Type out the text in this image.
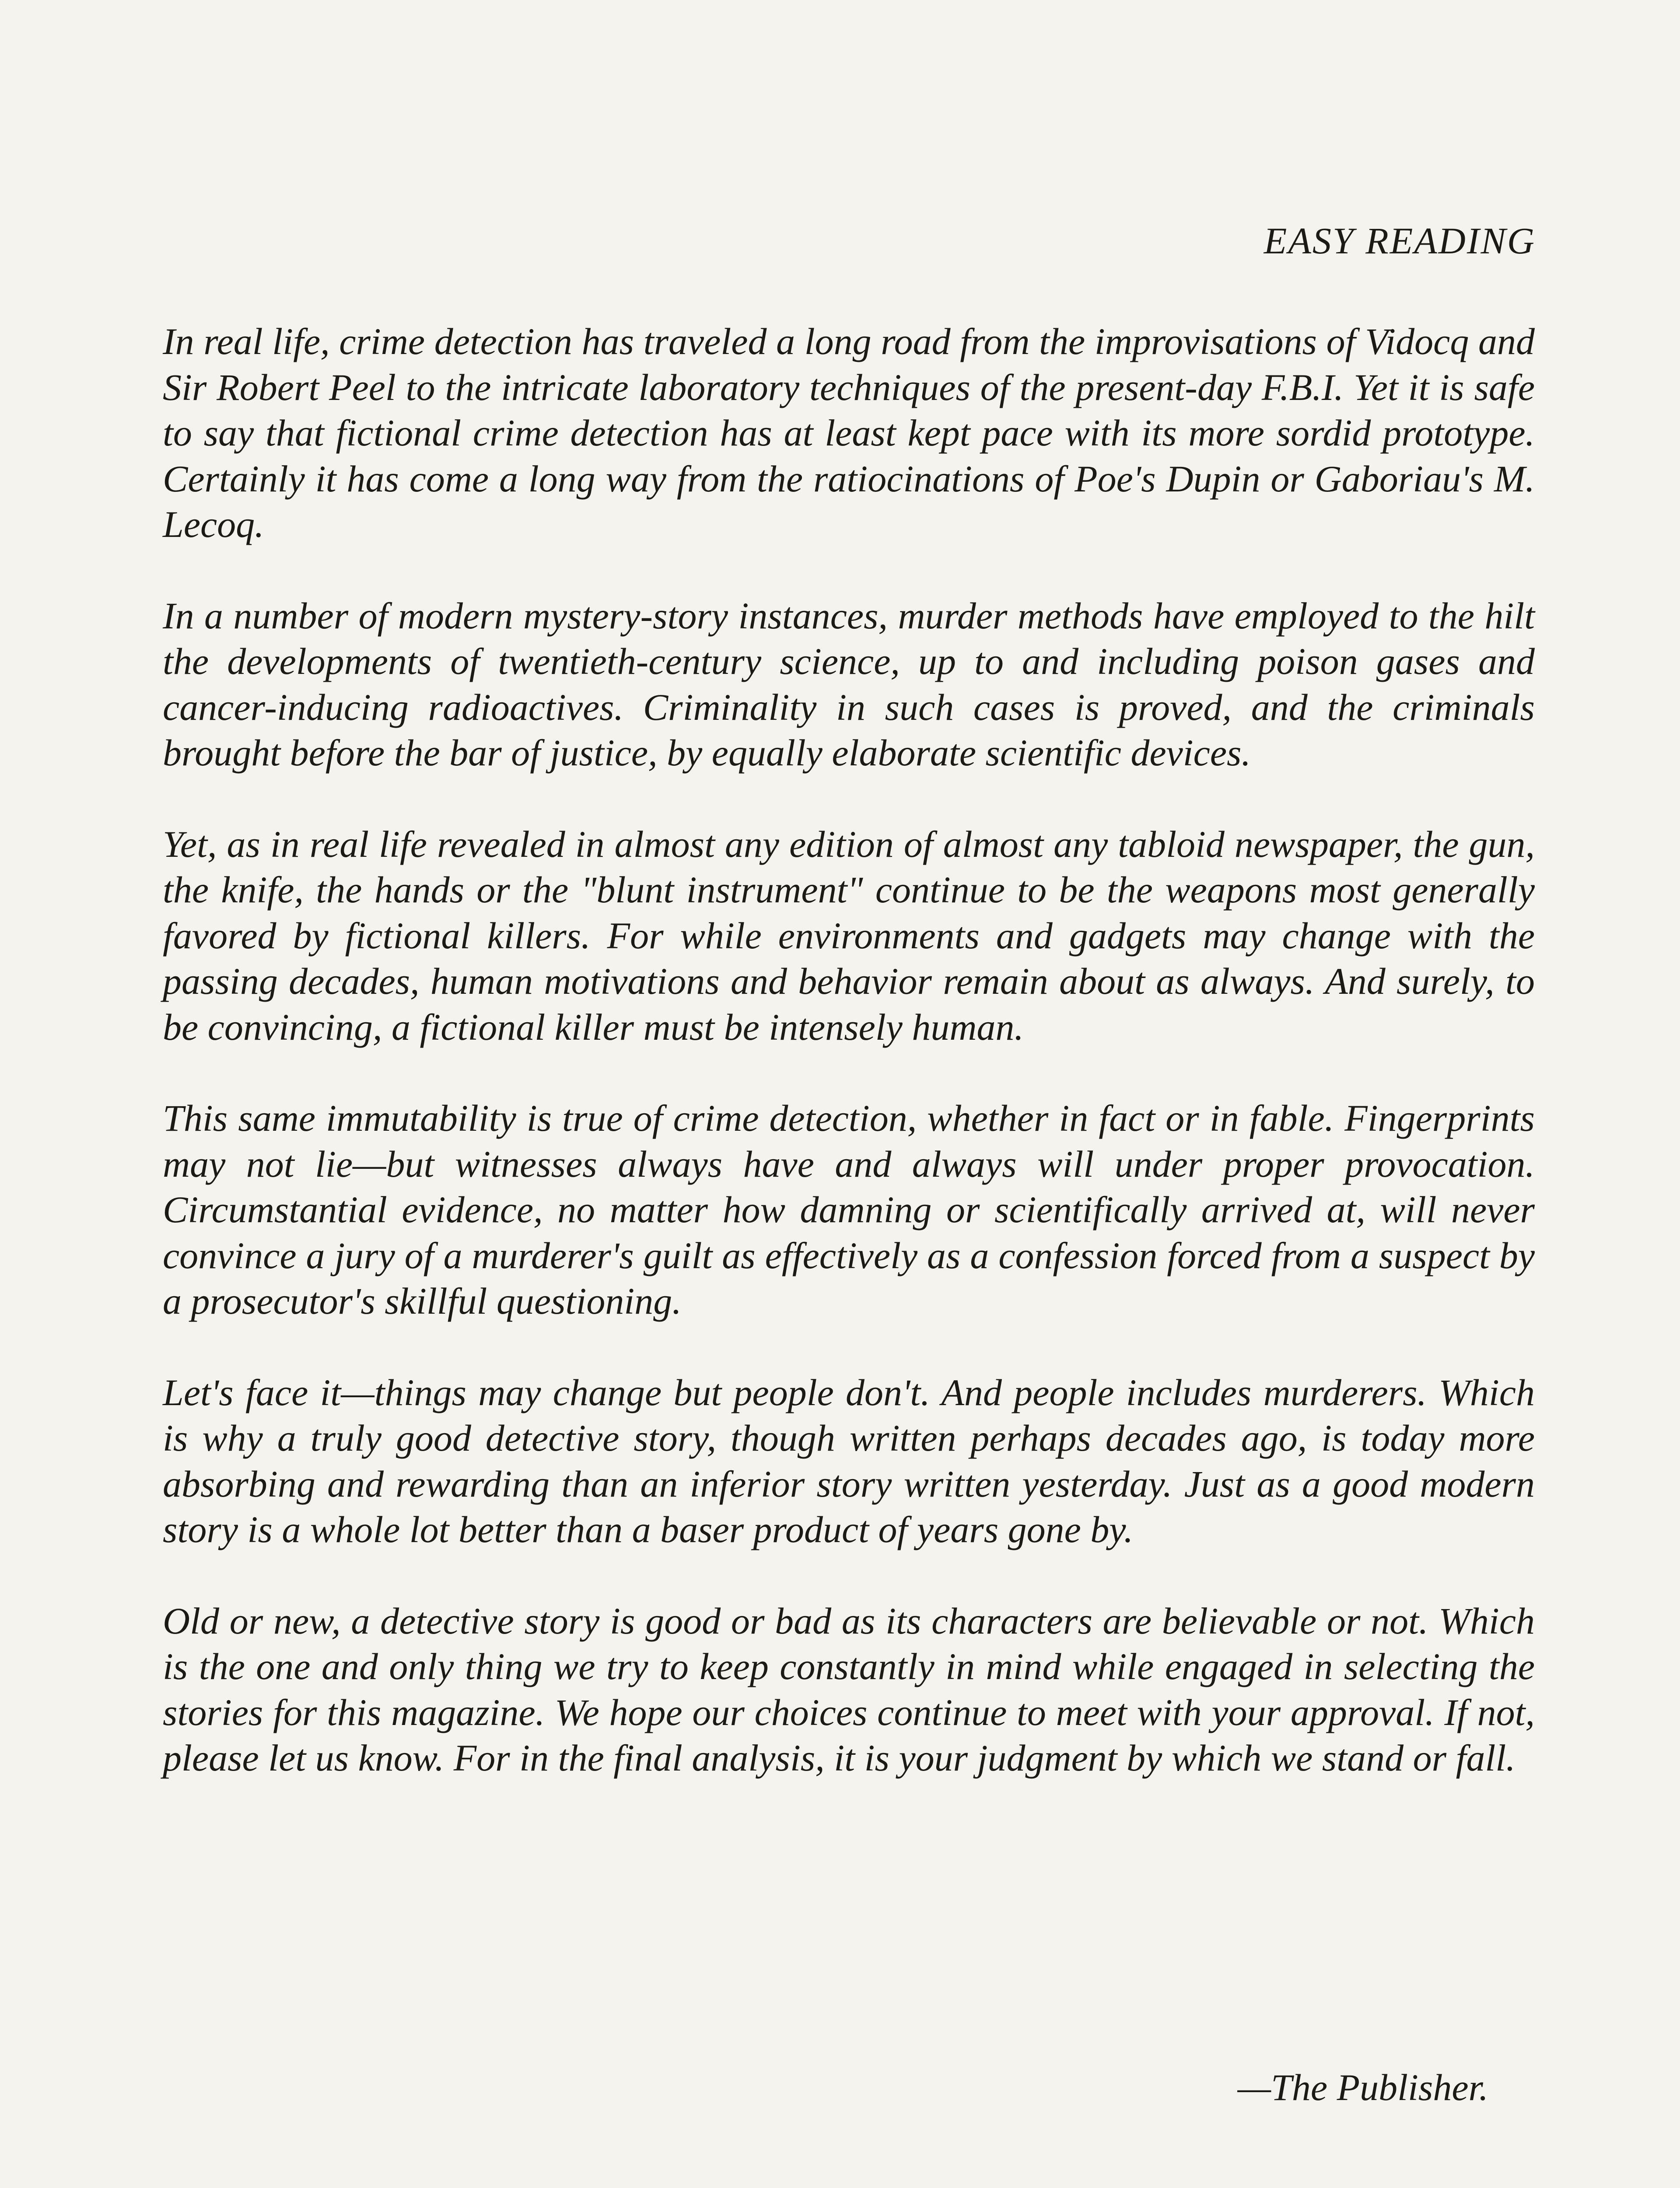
EASY READING

In real life, crime detection has traveled a long road from the improvisations of Vidocq and Sir Robert Peel to the intricate laboratory techniques of the present-day F.B.I. Yet it is safe to say that fictional crime detection has at least kept pace with its more sordid prototype. Certainly it has come a long way from the ratiocinations of Poe's Dupin or Gaboriau's M. Lecoq.

In a number of modern mystery-story instances, murder methods have employed to the hilt the developments of twentieth-century science, up to and including poison gases and cancer-inducing radioactives. Criminality in such cases is proved, and the criminals brought before the bar of justice, by equally elaborate scientific devices.

Yet, as in real life revealed in almost any edition of almost any tabloid newspaper, the gun, the knife, the hands or the "blunt instrument" continue to be the weapons most generally favored by fictional killers. For while environments and gadgets may change with the passing decades, human motivations and behavior remain about as always. And surely, to be convincing, a fictional killer must be intensely human.

This same immutability is true of crime detection, whether in fact or in fable. Fingerprints may not lie—but witnesses always have and always will under proper provocation. Circumstantial evidence, no matter how damning or scientifically arrived at, will never convince a jury of a murderer's guilt as effectively as a confession forced from a suspect by a prosecutor's skillful questioning.

Let's face it—things may change but people don't. And people includes murderers. Which is why a truly good detective story, though written perhaps decades ago, is today more absorbing and rewarding than an inferior story written yesterday. Just as a good modern story is a whole lot better than a baser product of years gone by.

Old or new, a detective story is good or bad as its characters are believable or not. Which is the one and only thing we try to keep constantly in mind while engaged in selecting the stories for this magazine. We hope our choices continue to meet with your approval. If not, please let us know. For in the final analysis, it is your judgment by which we stand or fall.

—The Publisher.
